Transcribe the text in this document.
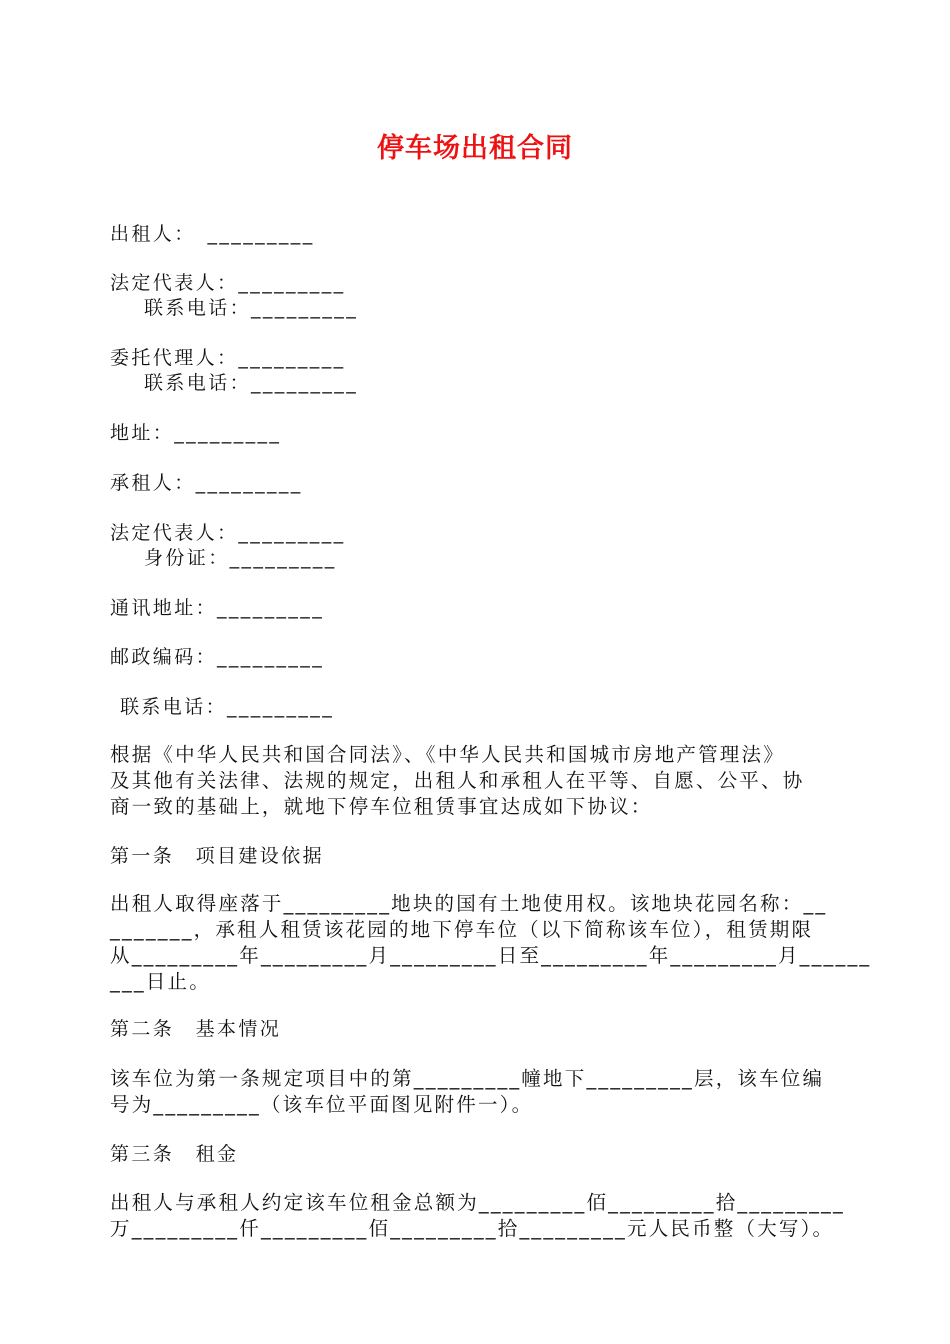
停车场出租合同
出租人：　_________
法定代表人：_________
联系电话：_________
委托代理人：_________
联系电话：_________
地址：_________
承租人：_________
法定代表人：_________
身份证：_________
通讯地址：_________
邮政编码：_________
联系电话：_________
根据《中华人民共和国合同法》、《中华人民共和国城市房地产管理法》
及其他有关法律、法规的规定，出租人和承租人在平等、自愿、公平、协
商一致的基础上，就地下停车位租赁事宜达成如下协议：
第一条　项目建设依据
出租人取得座落于_________地块的国有土地使用权。该地块花园名称：__
_______，承租人租赁该花园的地下停车位（以下简称该车位），租赁期限
从_________年_________月_________日至_________年_________月______
___日止。
第二条　基本情况
该车位为第一条规定项目中的第_________幢地下_________层，该车位编
号为_________（该车位平面图见附件一）。
第三条　租金
出租人与承租人约定该车位租金总额为_________佰_________拾_________
万_________仟_________佰_________拾_________元人民币整（大写）。
